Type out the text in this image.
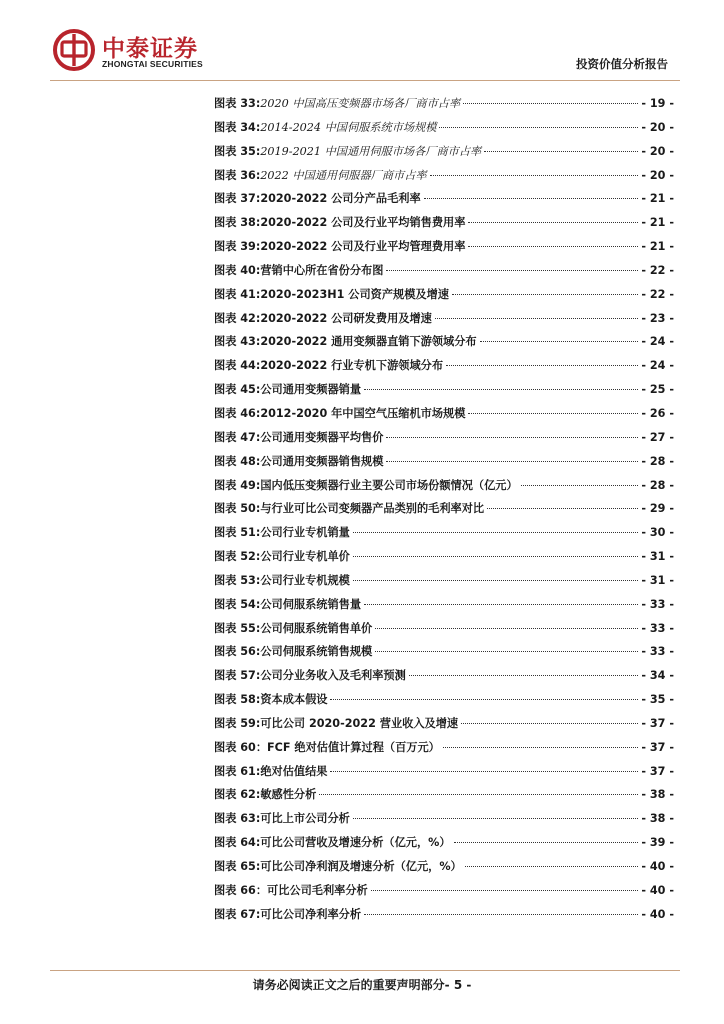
中泰证券
ZHONGTAI SECURITIES	投资价值分析报告
图表 33: 2020 中国高压变频器市场各厂商市占率	- 19 -
图表 34: 2014-2024 中国伺服系统市场规模	- 20 -
图表 35: 2019-2021 中国通用伺服市场各厂商市占率	- 20 -
图表 36: 2022 中国通用伺服器厂商市占率	- 20 -
图表 37: 2020-2022 公司分产品毛利率	- 21 -
图表 38: 2020-2022 公司及行业平均销售费用率	- 21 -
图表 39: 2020-2022 公司及行业平均管理费用率	- 21 -
图表 40: 营销中心所在省份分布图	- 22 -
图表 41: 2020-2023H1 公司资产规模及增速	- 22 -
图表 42: 2020-2022 公司研发费用及增速	- 23 -
图表 43: 2020-2022 通用变频器直销下游领域分布	- 24 -
图表 44: 2020-2022 行业专机下游领域分布	- 24 -
图表 45: 公司通用变频器销量	- 25 -
图表 46: 2012-2020 年中国空气压缩机市场规模	- 26 -
图表 47: 公司通用变频器平均售价	- 27 -
图表 48: 公司通用变频器销售规模	- 28 -
图表 49: 国内低压变频器行业主要公司市场份额情况（亿元）	- 28 -
图表 50: 与行业可比公司变频器产品类别的毛利率对比	- 29 -
图表 51: 公司行业专机销量	- 30 -
图表 52: 公司行业专机单价	- 31 -
图表 53: 公司行业专机规模	- 31 -
图表 54: 公司伺服系统销售量	- 33 -
图表 55: 公司伺服系统销售单价	- 33 -
图表 56: 公司伺服系统销售规模	- 33 -
图表 57: 公司分业务收入及毛利率预测	- 34 -
图表 58: 资本成本假设	- 35 -
图表 59: 可比公司 2020-2022 营业收入及增速	- 37 -
图表 60： FCF 绝对估值计算过程（百万元）	- 37 -
图表 61: 绝对估值结果	- 37 -
图表 62: 敏感性分析	- 38 -
图表 63: 可比上市公司分析	- 38 -
图表 64: 可比公司营收及增速分析（亿元，%）	- 39 -
图表 65: 可比公司净利润及增速分析（亿元，%）	- 40 -
图表 66： 可比公司毛利率分析	- 40 -
图表 67: 可比公司净利率分析	- 40 -
请务必阅读正文之后的重要声明部分- 5 -
